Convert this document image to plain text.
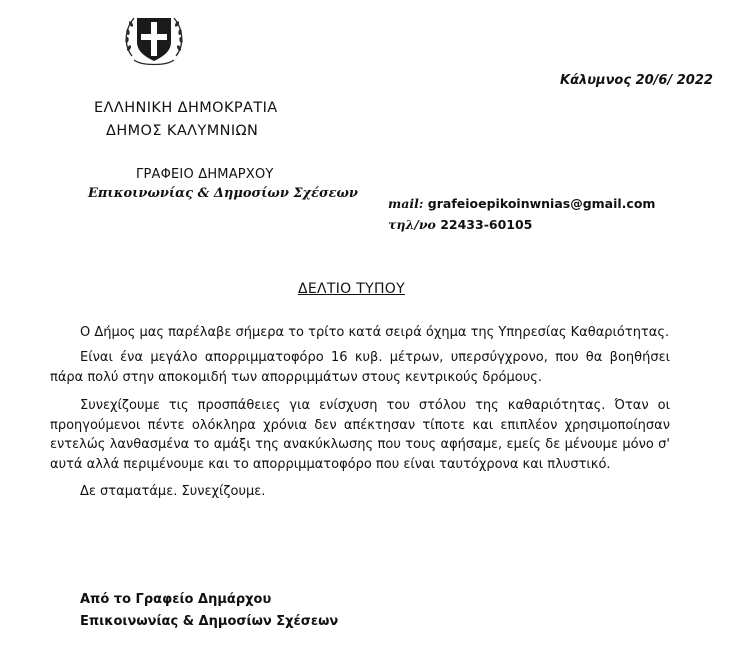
Κάλυμνος 20/6/ 2022
ΕΛΛΗΝΙΚΗ ΔΗΜΟΚΡΑΤΙΑ
ΔΗΜΟΣ ΚΑΛΥΜΝΙΩΝ
ΓΡΑΦΕΙΟ ΔΗΜΑΡΧΟΥ
Επικοινωνίας & Δημοσίων Σχέσεων
mail: grafeioepikoinwnias@gmail.com
τηλ/νο 22433-60105
ΔΕΛΤΙΟ ΤΥΠΟΥ
Ο Δήμος μας παρέλαβε σήμερα το τρίτο κατά σειρά όχημα της Υπηρεσίας Καθαριότητας.
Είναι ένα μεγάλο απορριμματοφόρο 16 κυβ. μέτρων, υπερσύγχρονο, που θα βοηθήσει πάρα πολύ στην αποκομιδή των απορριμμάτων στους κεντρικούς δρόμους.
Συνεχίζουμε τις προσπάθειες για ενίσχυση του στόλου της καθαριότητας. Όταν οι προηγούμενοι πέντε ολόκληρα χρόνια δεν απέκτησαν τίποτε και επιπλέον χρησιμοποίησαν εντελώς λανθασμένα το αμάξι της ανακύκλωσης που τους αφήσαμε, εμείς δε μένουμε μόνο σ' αυτά αλλά περιμένουμε και το απορριμματοφόρο που είναι ταυτόχρονα και πλυστικό.
Δε σταματάμε. Συνεχίζουμε.
Από το Γραφείο Δημάρχου
Επικοινωνίας & Δημοσίων Σχέσεων
